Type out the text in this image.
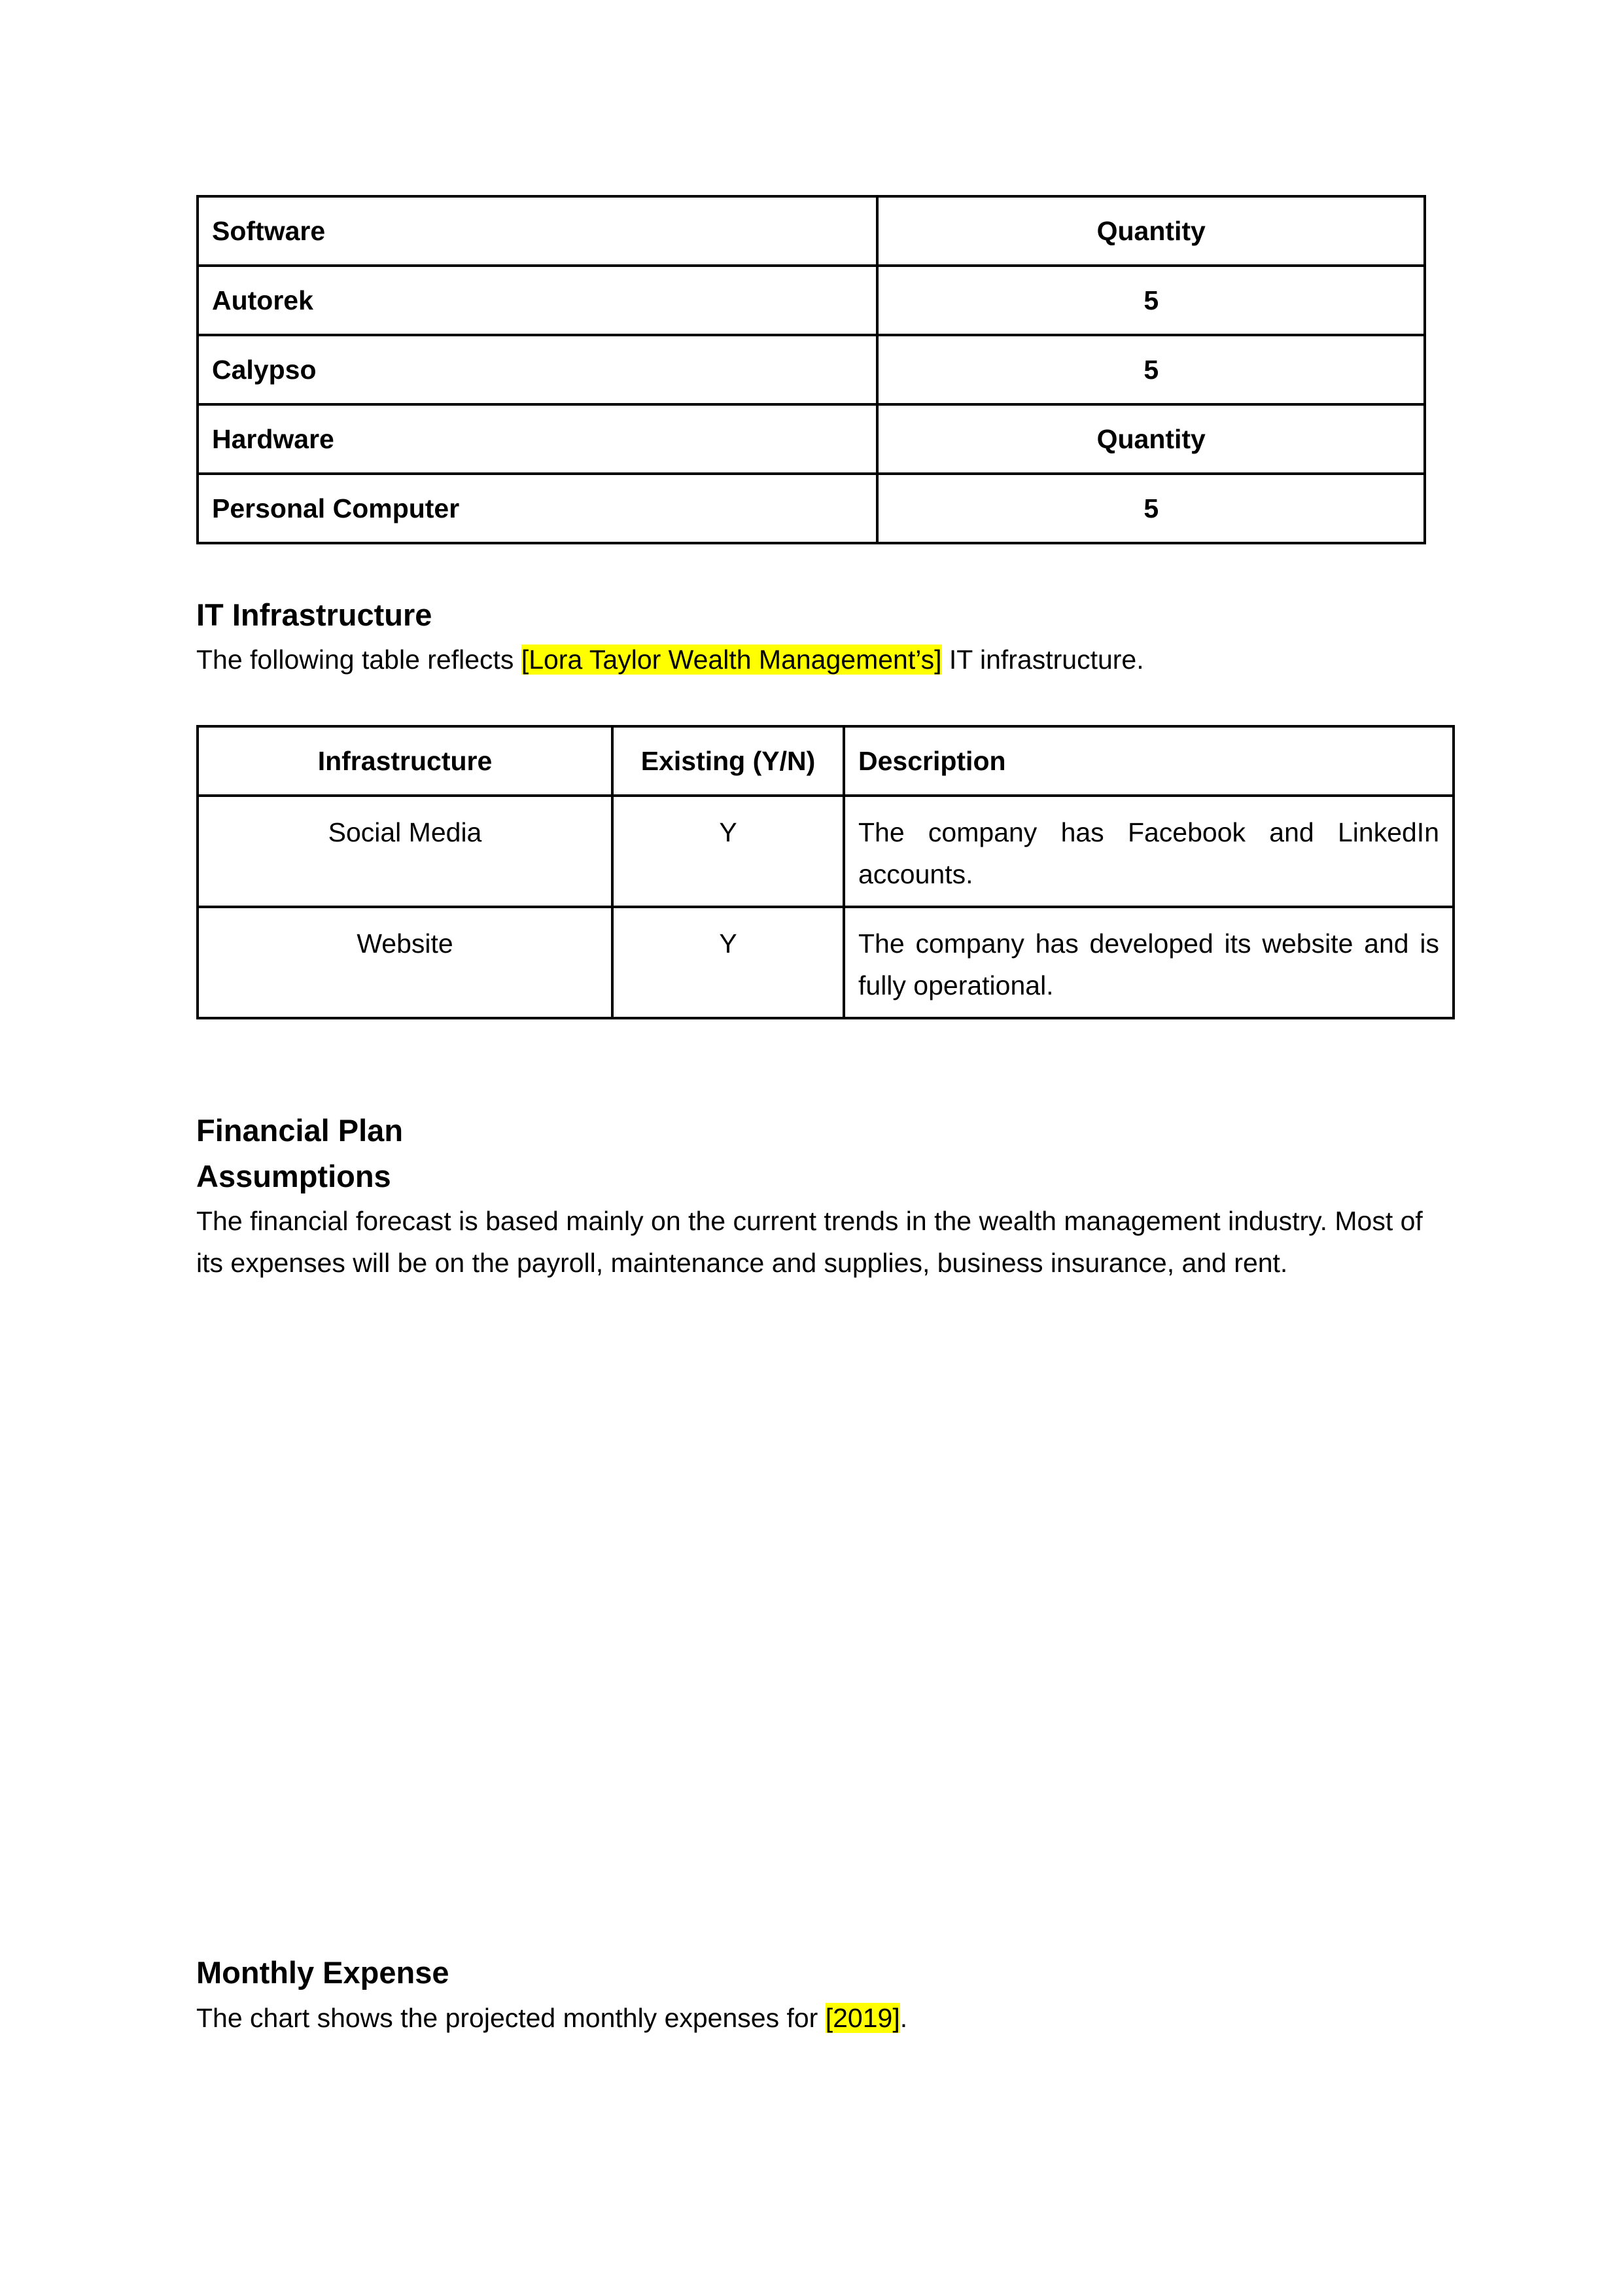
Software	Quantity
Autorek	5
Calypso	5
Hardware	Quantity
Personal Computer	5
IT Infrastructure

The following table reflects [Lora Taylor Wealth Management’s] IT infrastructure.

Infrastructure	Existing (Y/N)	Description
Social Media	Y	The company has Facebook and LinkedIn accounts.
Website	Y	The company has developed its website and is fully operational.
Financial Plan
Assumptions

The financial forecast is based mainly on the current trends in the wealth management industry. Most of its expenses will be on the payroll, maintenance and supplies, business insurance, and rent.

Monthly Expense

The chart shows the projected monthly expenses for [2019].
